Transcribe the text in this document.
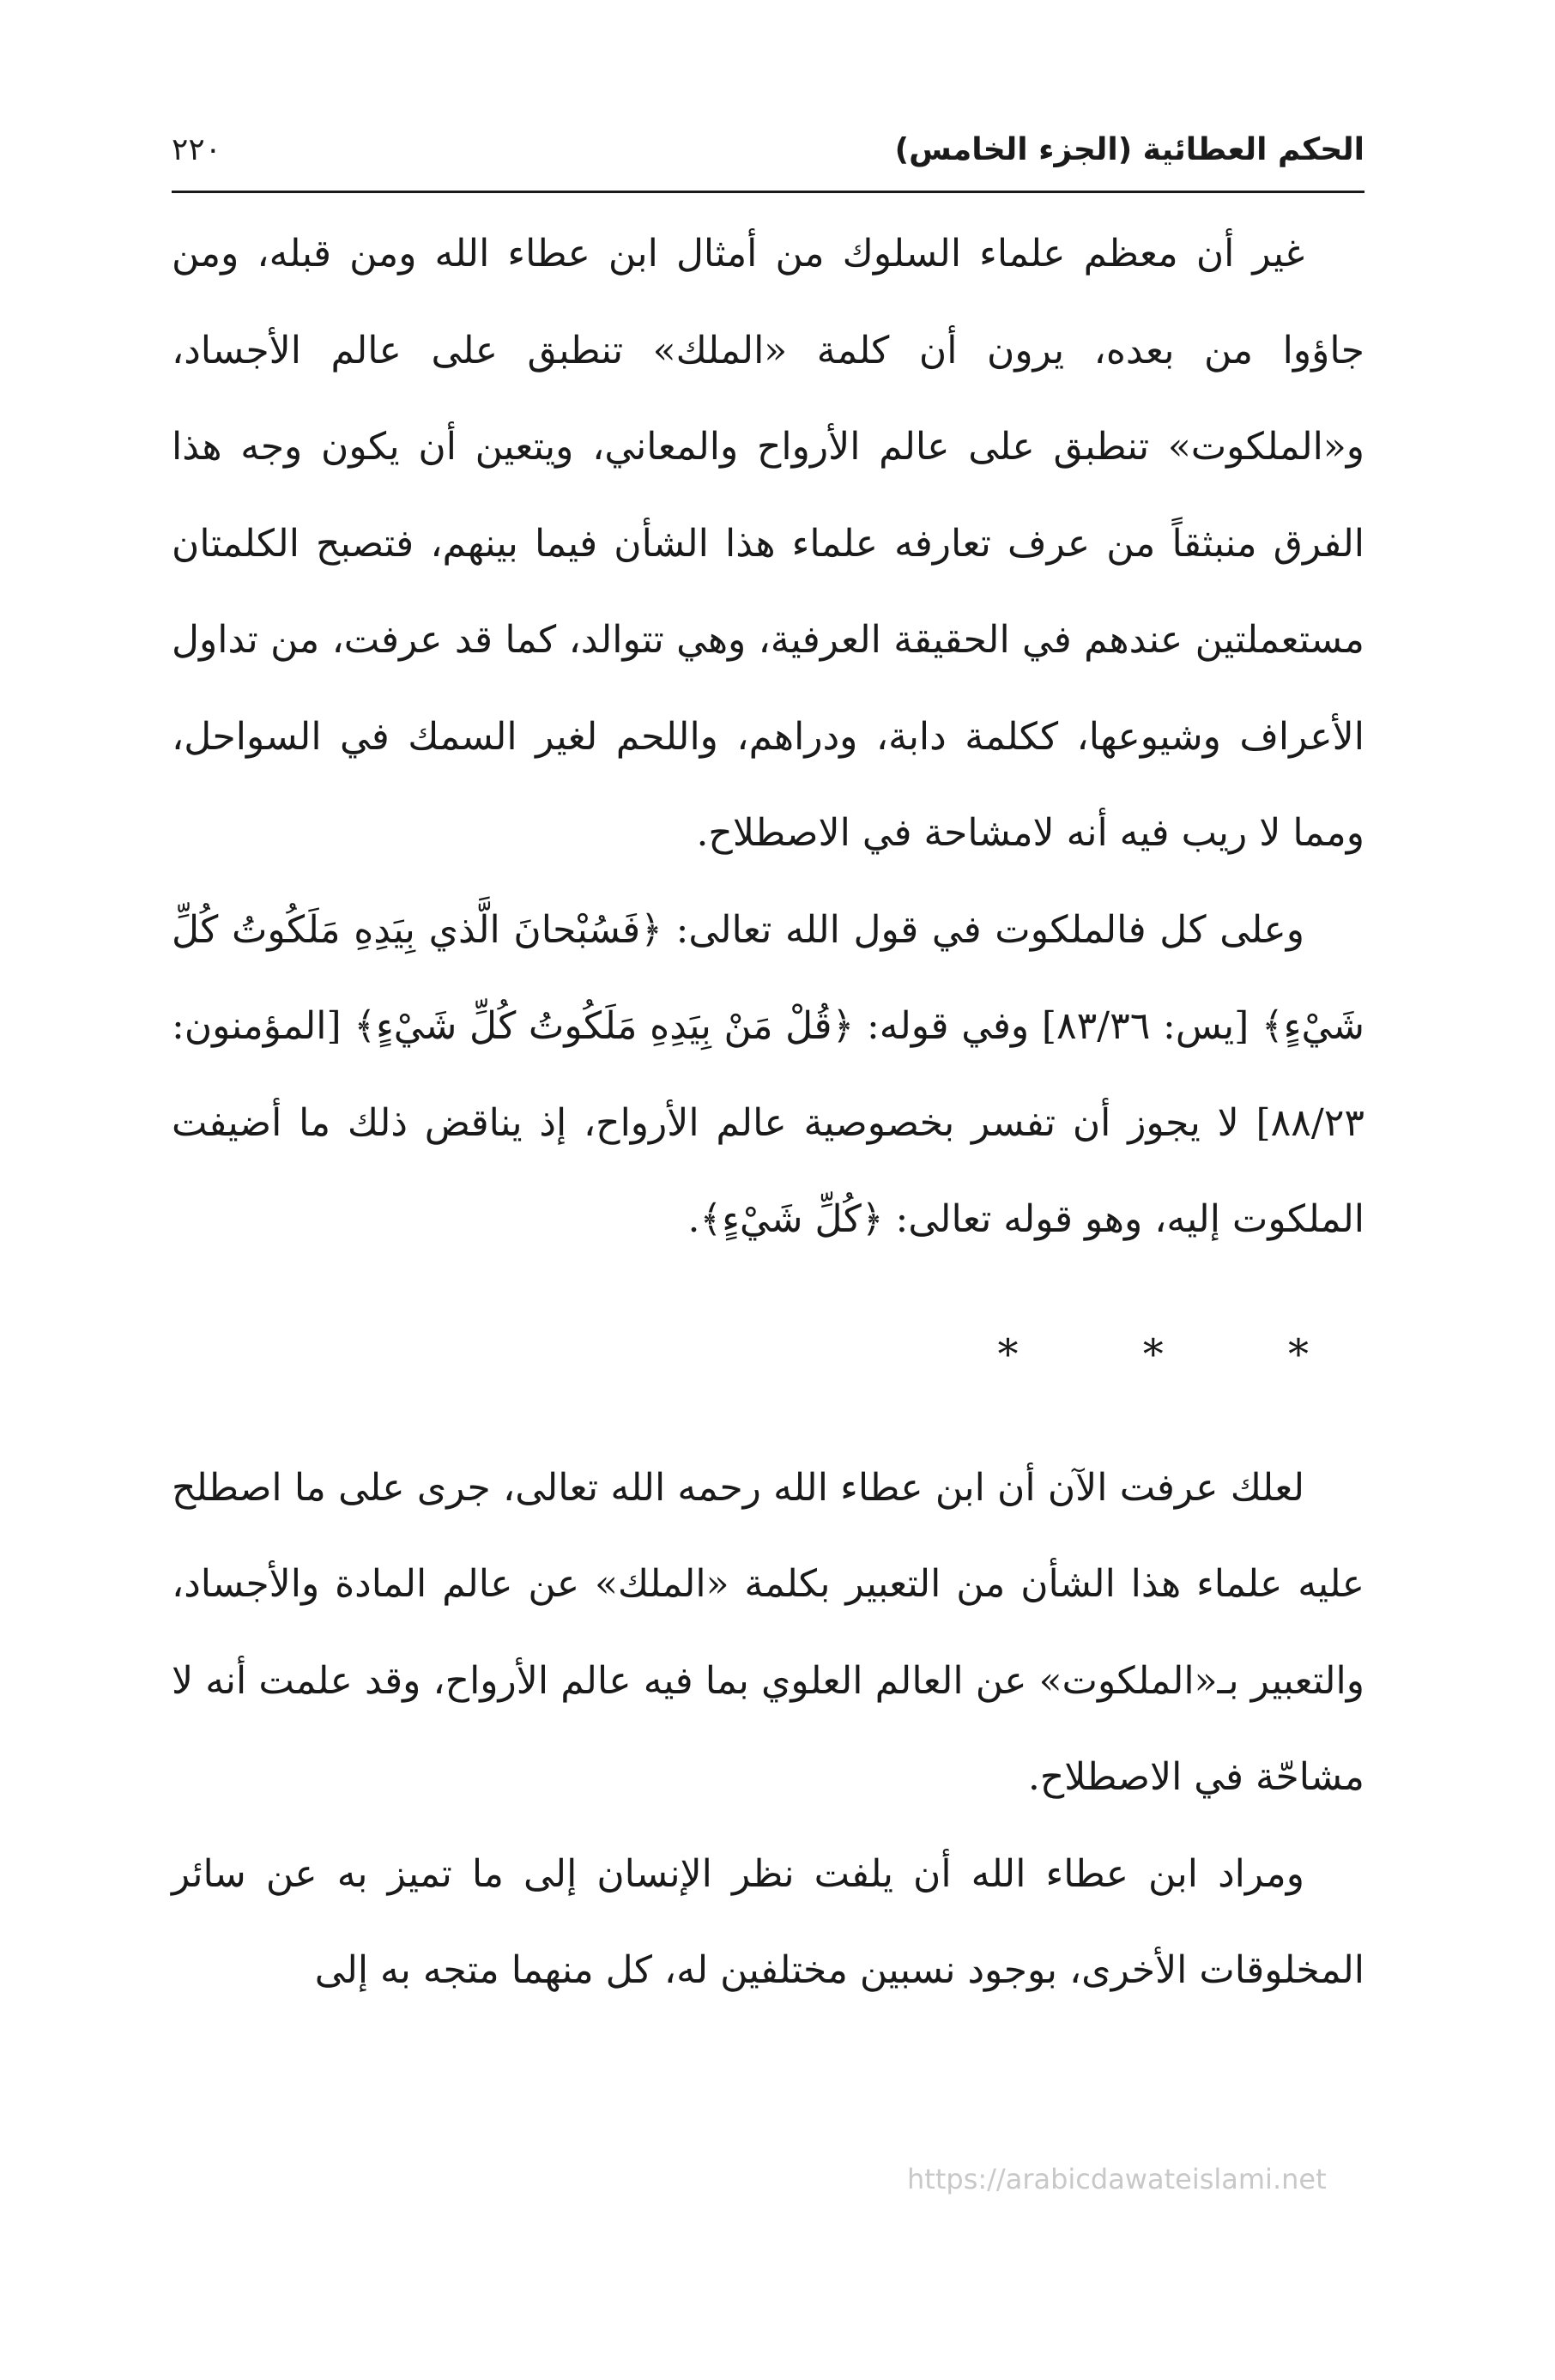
الحكم العطائية (الجزء الخامس)
٢٢٠

غير أن معظم علماء السلوك من أمثال ابن عطاء الله ومن قبله، ومن جاؤوا من بعده، يرون أن كلمة «الملك» تنطبق على عالم الأجساد، و«الملكوت» تنطبق على عالم الأرواح والمعاني، ويتعين أن يكون وجه هذا الفرق منبثقاً من عرف تعارفه علماء هذا الشأن فيما بينهم، فتصبح الكلمتان مستعملتين عندهم في الحقيقة العرفية، وهي تتوالد، كما قد عرفت، من تداول الأعراف وشيوعها، ككلمة دابة، ودراهم، واللحم لغير السمك في السواحل، ومما لا ريب فيه أنه لامشاحة في الاصطلاح.

وعلى كل فالملكوت في قول الله تعالى: ﴿فَسُبْحانَ الَّذي بِيَدِهِ مَلَكُوتُ كُلِّ شَيْءٍ﴾ [يس: ٨٣/٣٦] وفي قوله: ﴿قُلْ مَنْ بِيَدِهِ مَلَكُوتُ كُلِّ شَيْءٍ﴾ [المؤمنون: ٨٨/٢٣] لا يجوز أن تفسر بخصوصية عالم الأرواح، إذ يناقض ذلك ما أضيفت الملكوت إليه، وهو قوله تعالى: ﴿كُلِّ شَيْءٍ﴾.

*	*	*

لعلك عرفت الآن أن ابن عطاء الله رحمه الله تعالى، جرى على ما اصطلح عليه علماء هذا الشأن من التعبير بكلمة «الملك» عن عالم المادة والأجساد، والتعبير بـ«الملكوت» عن العالم العلوي بما فيه عالم الأرواح، وقد علمت أنه لا مشاحّة في الاصطلاح.

ومراد ابن عطاء الله أن يلفت نظر الإنسان إلى ما تميز به عن سائر المخلوقات الأخرى، بوجود نسبين مختلفين له، كل منهما متجه به إلى

https://arabicdawateislami.net
